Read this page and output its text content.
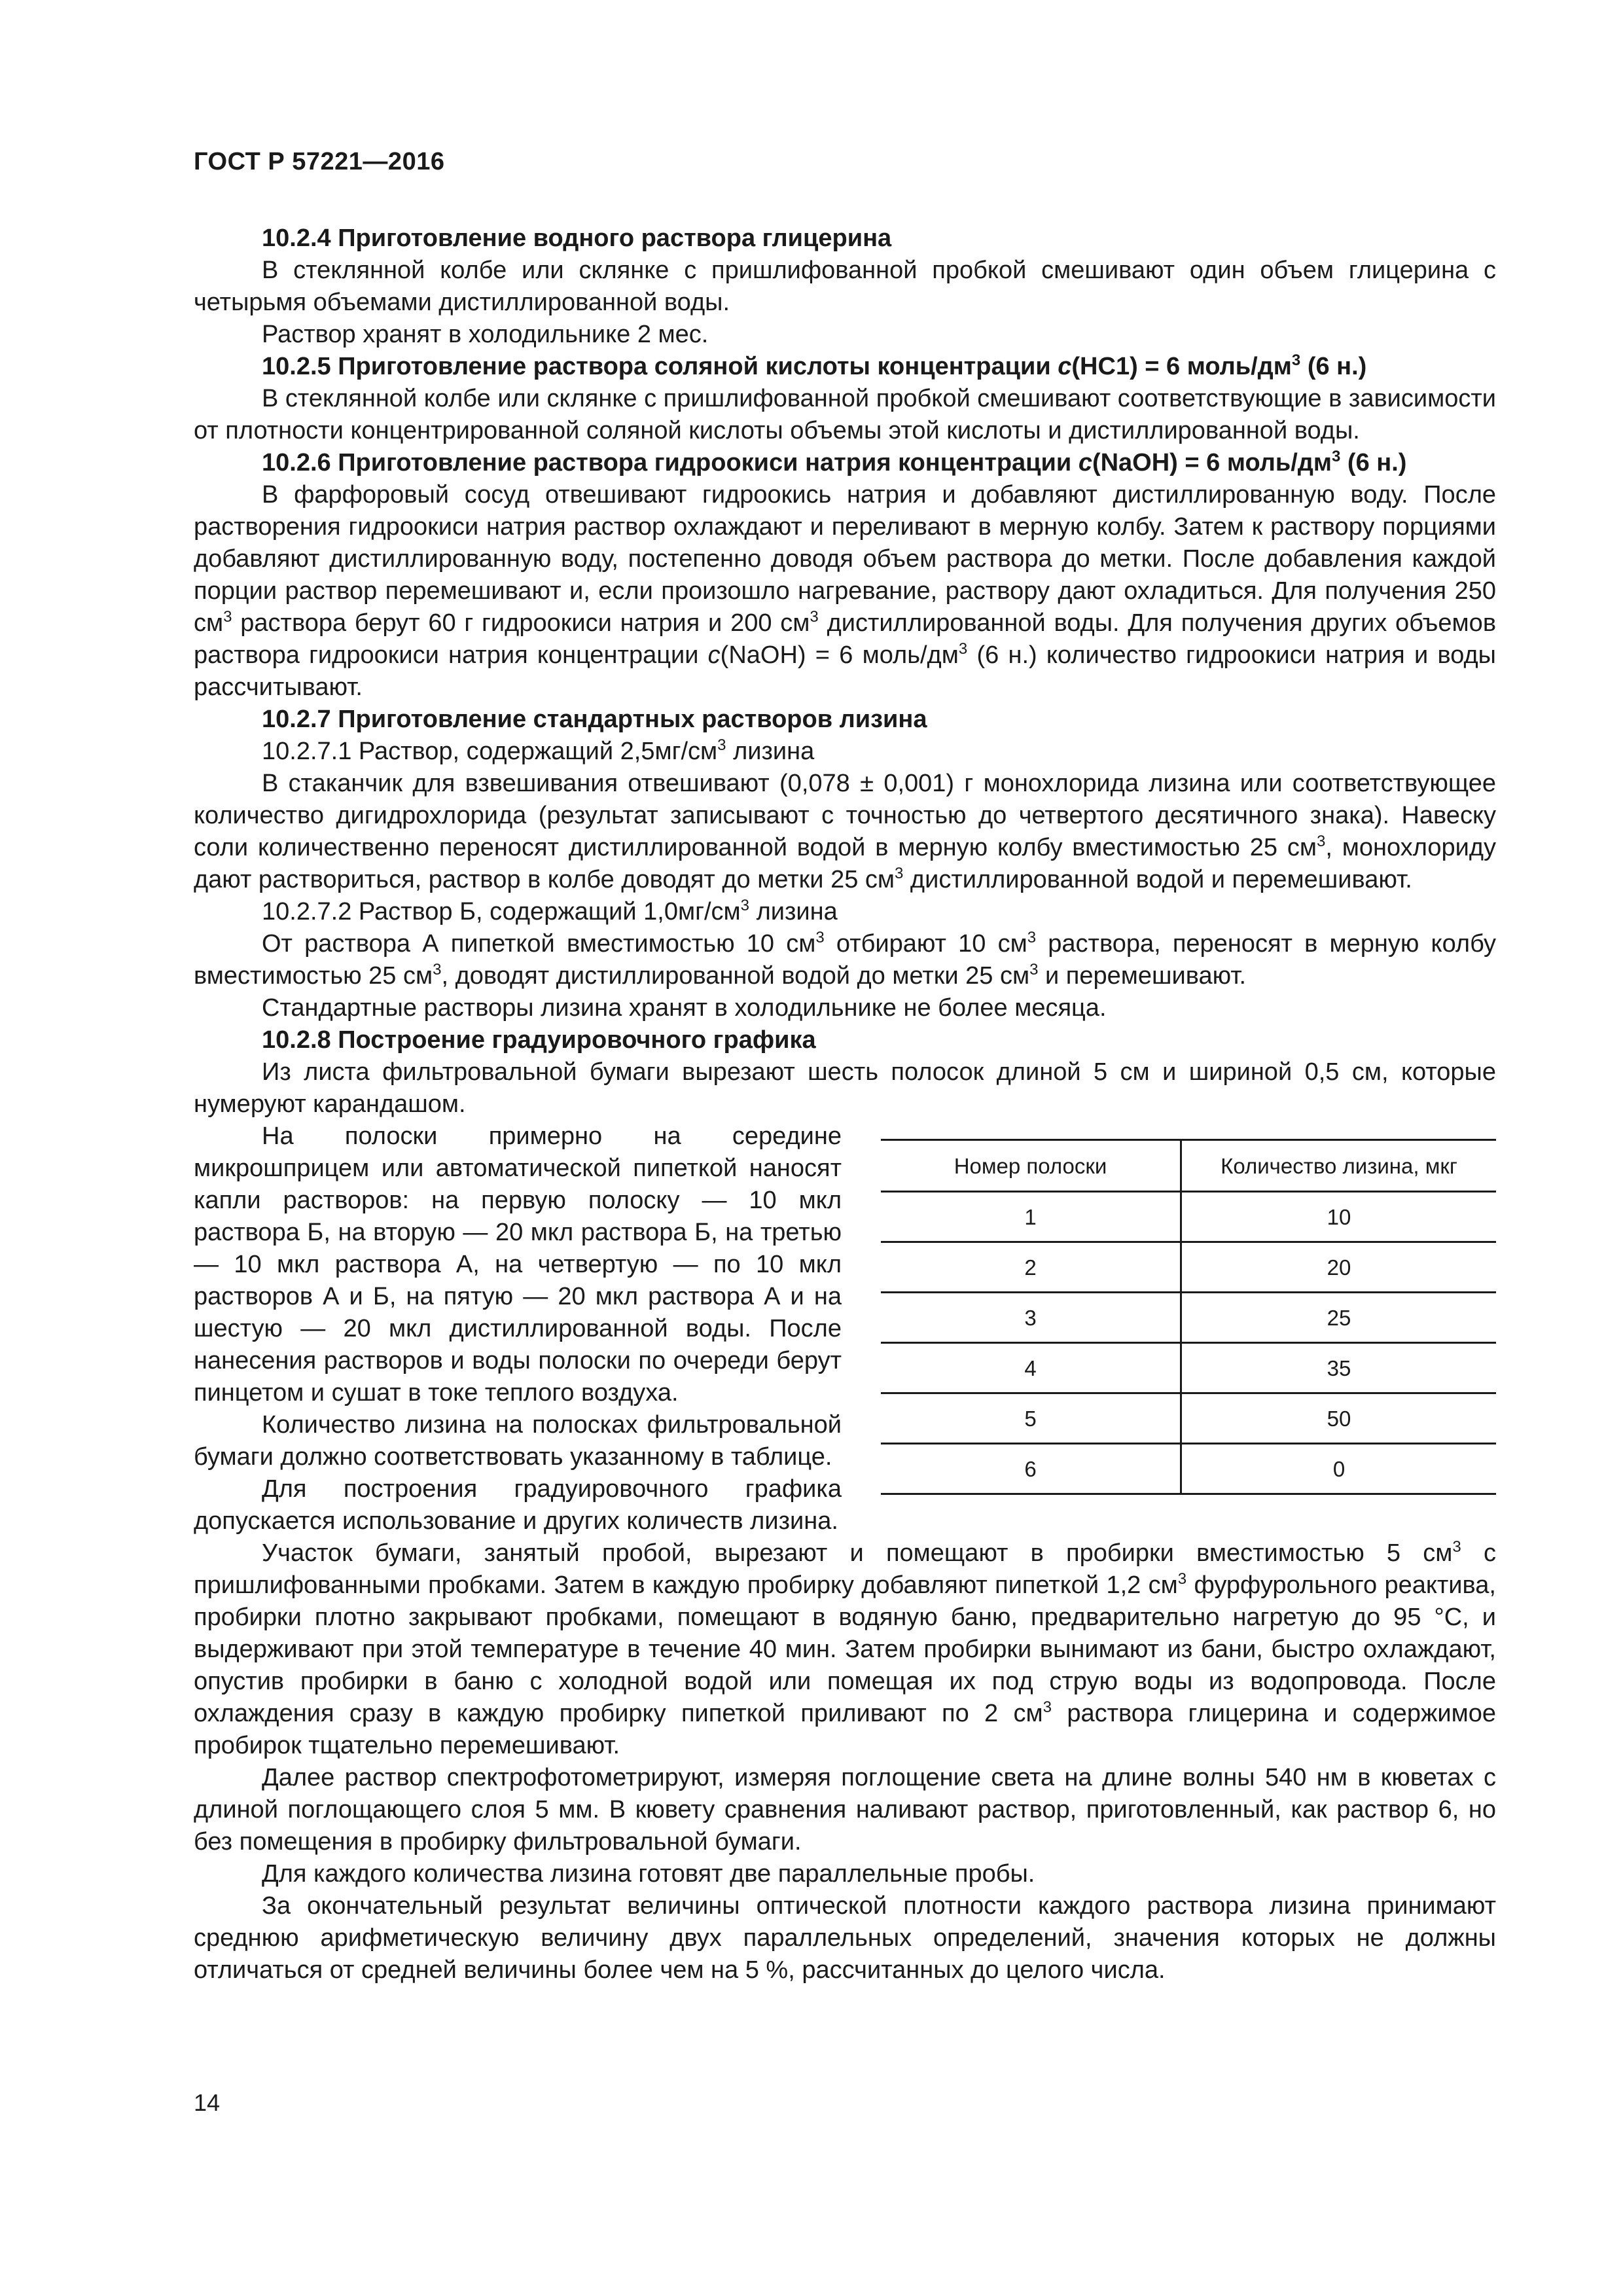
ГОСТ Р 57221—2016

10.2.4 Приготовление водного раствора глицерина

В стеклянной колбе или склянке с пришлифованной пробкой смешивают один объем глицерина с четырьмя объемами дистиллированной воды.

Раствор хранят в холодильнике 2 мес.

10.2.5 Приготовление раствора соляной кислоты концентрации c(НС1) = 6 моль/$дм^3$ (6 н.)

В стеклянной колбе или склянке с пришлифованной пробкой смешивают соответствующие в зависимости от плотности концентрированной соляной кислоты объемы этой кислоты и дистиллированной воды.

10.2.6 Приготовление раствора гидроокиси натрия концентрации c(NaOH) = 6 моль/$дм^3$ (6 н.)

В фарфоровый сосуд отвешивают гидроокись натрия и добавляют дистиллированную воду. После растворения гидроокиси натрия раствор охлаждают и переливают в мерную колбу. Затем к раствору порциями добавляют дистиллированную воду, постепенно доводя объем раствора до метки. После добавления каждой порции раствор перемешивают и, если произошло нагревание, раствору дают охладиться. Для получения 250 $см^3$ раствора берут 60 г гидроокиси натрия и 200 $см^3$ дистиллированной воды. Для получения других объемов раствора гидроокиси натрия концентрации c(NaOH) = 6 моль/$дм^3$ (6 н.) количество гидроокиси натрия и воды рассчитывают.

10.2.7 Приготовление стандартных растворов лизина

10.2.7.1 Раствор, содержащий $2,5мг/см^3$ лизина

В стаканчик для взвешивания отвешивают (0,078 ± 0,001) г монохлорида лизина или соответствующее количество дигидрохлорида (результат записывают с точностью до четвертого десятичного знака). Навеску соли количественно переносят дистиллированной водой в мерную колбу вместимостью 25 $см^3$, монохлориду дают раствориться, раствор в колбе доводят до метки 25 $см^3$ дистиллированной водой и перемешивают.

10.2.7.2 Раствор Б, содержащий $1,0мг/см^3$ лизина

От раствора А пипеткой вместимостью 10 $см^3$ отбирают 10 $см^3$ раствора, переносят в мерную колбу вместимостью 25 $см^3$, доводят дистиллированной водой до метки 25 $см^3$ и перемешивают.

Стандартные растворы лизина хранят в холодильнике не более месяца.

10.2.8 Построение градуировочного графика

Из листа фильтровальной бумаги вырезают шесть полосок длиной 5 см и шириной 0,5 см, которые нумеруют карандашом.

Номер полоски	Количество лизина, мкг
1	10
2	20
3	25
4	35
5	50
6	0

На полоски примерно на середине микрошприцем или автоматической пипеткой наносят капли растворов: на первую полоску — 10 мкл раствора Б, на вторую — 20 мкл раствора Б, на третью — 10 мкл раствора А, на четвертую — по 10 мкл растворов А и Б, на пятую — 20 мкл раствора А и на шестую — 20 мкл дистиллированной воды. После нанесения растворов и воды полоски по очереди берут пинцетом и сушат в токе теплого воздуха.

Количество лизина на полосках фильтровальной бумаги должно соответствовать указанному в таблице.

Для построения градуировочного графика допускается использование и других количеств лизина.

Участок бумаги, занятый пробой, вырезают и помещают в пробирки вместимостью 5 $см^3$ с пришлифованными пробками. Затем в каждую пробирку добавляют пипеткой 1,2 $см^3$ фурфурольного реактива, пробирки плотно закрывают пробками, помещают в водяную баню, предварительно нагретую до 95 °С, и выдерживают при этой температуре в течение 40 мин. Затем пробирки вынимают из бани, быстро охлаждают, опустив пробирки в баню с холодной водой или помещая их под струю воды из водопровода. После охлаждения сразу в каждую пробирку пипеткой приливают по 2 $см^3$ раствора глицерина и содержимое пробирок тщательно перемешивают.

Далее раствор спектрофотометрируют, измеряя поглощение света на длине волны 540 нм в кюветах с длиной поглощающего слоя 5 мм. В кювету сравнения наливают раствор, приготовленный, как раствор 6, но без помещения в пробирку фильтровальной бумаги.

Для каждого количества лизина готовят две параллельные пробы.

За окончательный результат величины оптической плотности каждого раствора лизина принимают среднюю арифметическую величину двух параллельных определений, значения которых не должны отличаться от средней величины более чем на 5 %, рассчитанных до целого числа.

14
